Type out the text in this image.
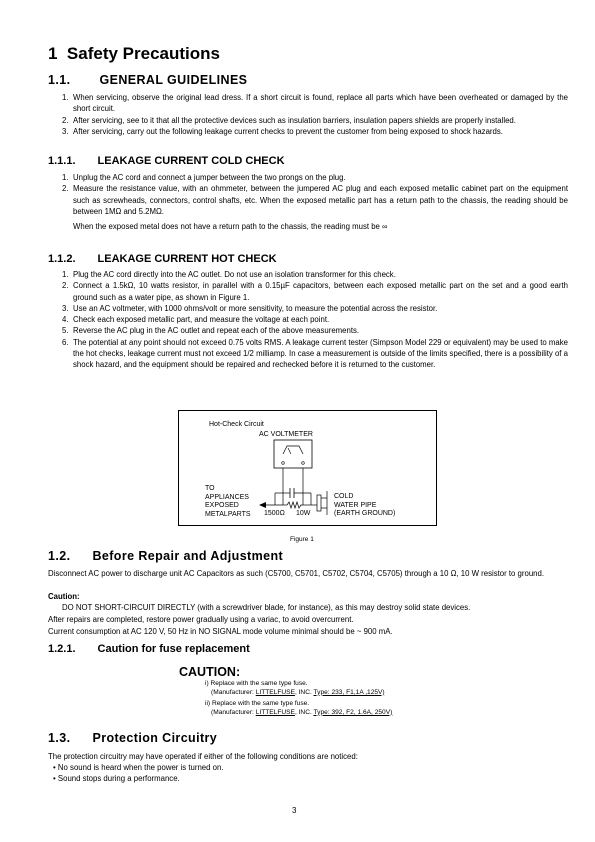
1 Safety Precautions
1.1. GENERAL GUIDELINES
1. When servicing, observe the original lead dress. If a short circuit is found, replace all parts which have been overheated or damaged by the short circuit.
2. After servicing, see to it that all the protective devices such as insulation barriers, insulation papers shields are properly installed.
3. After servicing, carry out the following leakage current checks to prevent the customer from being exposed to shock hazards.
1.1.1. LEAKAGE CURRENT COLD CHECK
1. Unplug the AC cord and connect a jumper between the two prongs on the plug.
2. Measure the resistance value, with an ohmmeter, between the jumpered AC plug and each exposed metallic cabinet part on the equipment such as screwheads, connectors, control shafts, etc. When the exposed metallic part has a return path to the chassis, the reading should be between 1MΩ and 5.2MΩ.
When the exposed metal does not have a return path to the chassis, the reading must be ∞
1.1.2. LEAKAGE CURRENT HOT CHECK
1. Plug the AC cord directly into the AC outlet. Do not use an isolation transformer for this check.
2. Connect a 1.5kΩ, 10 watts resistor, in parallel with a 0.15µF capacitors, between each exposed metallic part on the set and a good earth ground such as a water pipe, as shown in Figure 1.
3. Use an AC voltmeter, with 1000 ohms/volt or more sensitivity, to measure the potential across the resistor.
4. Check each exposed metallic part, and measure the voltage at each point.
5. Reverse the AC plug in the AC outlet and repeat each of the above measurements.
6. The potential at any point should not exceed 0.75 volts RMS. A leakage current tester (Simpson Model 229 or equivalent) may be used to make the hot checks, leakage current must not exceed 1/2 milliamp. In case a measurement is outside of the limits specified, there is a possibility of a shock hazard, and the equipment should be repaired and rechecked before it is returned to the customer.
Hot-Check Circuit
AC VOLTMETER
TO
APPLIANCES
EXPOSED
METALPARTS 1500Ω 10W
COLD
WATER PIPE
(EARTH GROUND)
Figure 1
1.2. Before Repair and Adjustment
Disconnect AC power to discharge unit AC Capacitors as such (C5700, C5701, C5702, C5704, C5705) through a 10 Ω, 10 W resistor to ground.
Caution:
DO NOT SHORT-CIRCUIT DIRECTLY (with a screwdriver blade, for instance), as this may destroy solid state devices.
After repairs are completed, restore power gradually using a variac, to avoid overcurrent.
Current consumption at AC 120 V, 50 Hz in NO SIGNAL mode volume minimal should be ~ 900 mA.
1.2.1. Caution for fuse replacement
CAUTION:
i) Replace with the same type fuse.
(Manufacturer: LITTELFUSE, INC. Type: 233, F1,1A ,125V)
ii) Replace with the same type fuse.
(Manufacturer: LITTELFUSE, INC. Type: 392, F2, 1.6A, 250V)
1.3. Protection Circuitry
The protection circuitry may have operated if either of the following conditions are noticed:
• No sound is heard when the power is turned on.
• Sound stops during a performance.
3
